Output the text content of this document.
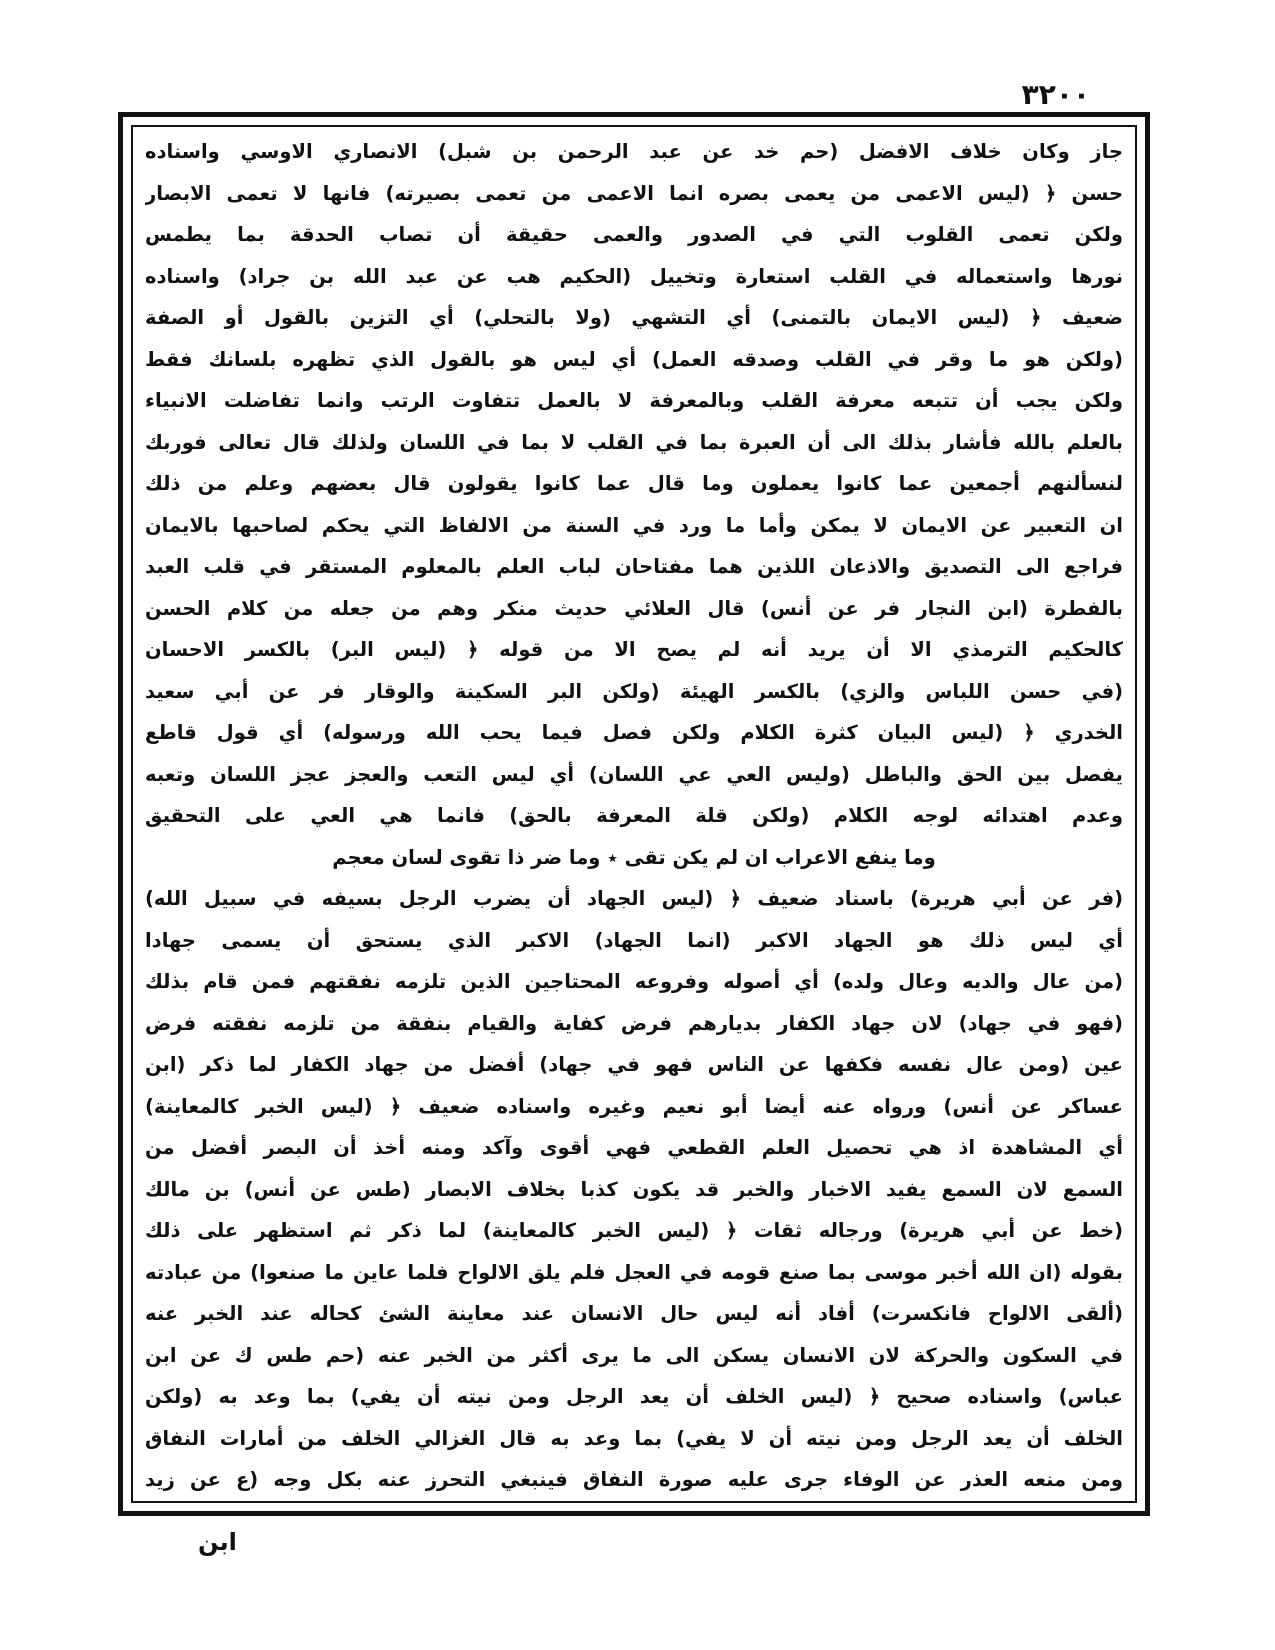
٣٢٠٠
جاز وكان خلاف الافضل (حم خد عن عبد الرحمن بن شبل) الانصاري الاوسي واسناده
حسن ﴿ (ليس الاعمى من يعمى بصره انما الاعمى من تعمى بصيرته) فانها لا تعمى الابصار
ولكن تعمى القلوب التي في الصدور والعمى حقيقة أن تصاب الحدقة بما يطمس
نورها واستعماله في القلب استعارة وتخييل (الحكيم هب عن عبد الله بن جراد) واسناده
ضعيف ﴿ (ليس الايمان بالتمنى) أي التشهي (ولا بالتحلي) أي التزين بالقول أو الصفة
(ولكن هو ما وقر في القلب وصدقه العمل) أي ليس هو بالقول الذي تظهره بلسانك فقط
ولكن يجب أن تتبعه معرفة القلب وبالمعرفة لا بالعمل تتفاوت الرتب وانما تفاضلت الانبياء
بالعلم بالله فأشار بذلك الى أن العبرة بما في القلب لا بما في اللسان ولذلك قال تعالى فوربك
لنسألنهم أجمعين عما كانوا يعملون وما قال عما كانوا يقولون قال بعضهم وعلم من ذلك
ان التعبير عن الايمان لا يمكن وأما ما ورد في السنة من الالفاظ التي يحكم لصاحبها بالايمان
فراجع الى التصديق والاذعان اللذين هما مفتاحان لباب العلم بالمعلوم المستقر في قلب العبد
بالفطرة (ابن النجار فر عن أنس) قال العلائي حديث منكر وهم من جعله من كلام الحسن
كالحكيم الترمذي الا أن يريد أنه لم يصح الا من قوله ﴿ (ليس البر) بالكسر الاحسان
(في حسن اللباس والزي) بالكسر الهيئة (ولكن البر السكينة والوقار فر عن أبي سعيد
الخدري ﴿ (ليس البيان كثرة الكلام ولكن فصل فيما يحب الله ورسوله) أي قول قاطع
يفصل بين الحق والباطل (وليس العي عي اللسان) أي ليس التعب والعجز عجز اللسان وتعبه
وعدم اهتدائه لوجه الكلام (ولكن قلة المعرفة بالحق) فانما هي العي على التحقيق
وما ينفع الاعراب ان لم يكن تقى ٭ وما ضر ذا تقوى لسان معجم
(فر عن أبي هريرة) باسناد ضعيف ﴿ (ليس الجهاد أن يضرب الرجل بسيفه في سبيل الله)
أي ليس ذلك هو الجهاد الاكبر (انما الجهاد) الاكبر الذي يستحق أن يسمى جهادا
(من عال والديه وعال ولده) أي أصوله وفروعه المحتاجين الذين تلزمه نفقتهم فمن قام بذلك
(فهو في جهاد) لان جهاد الكفار بديارهم فرض كفاية والقيام بنفقة من تلزمه نفقته فرض
عين (ومن عال نفسه فكفها عن الناس فهو في جهاد) أفضل من جهاد الكفار لما ذكر (ابن
عساكر عن أنس) ورواه عنه أيضا أبو نعيم وغيره واسناده ضعيف ﴿ (ليس الخبر كالمعاينة)
أي المشاهدة اذ هي تحصيل العلم القطعي فهي أقوى وآكد ومنه أخذ أن البصر أفضل من
السمع لان السمع يفيد الاخبار والخبر قد يكون كذبا بخلاف الابصار (طس عن أنس) بن مالك
(خط عن أبي هريرة) ورجاله ثقات ﴿ (ليس الخبر كالمعاينة) لما ذكر ثم استظهر على ذلك
بقوله (ان الله أخبر موسى بما صنع قومه في العجل فلم يلق الالواح فلما عاين ما صنعوا) من عبادته
(ألقى الالواح فانكسرت) أفاد أنه ليس حال الانسان عند معاينة الشئ كحاله عند الخبر عنه
في السكون والحركة لان الانسان يسكن الى ما يرى أكثر من الخبر عنه (حم طس ك عن ابن
عباس) واسناده صحيح ﴿ (ليس الخلف أن يعد الرجل ومن نيته أن يفي) بما وعد به (ولكن
الخلف أن يعد الرجل ومن نيته أن لا يفي) بما وعد به قال الغزالي الخلف من أمارات النفاق
ومن منعه العذر عن الوفاء جرى عليه صورة النفاق فينبغي التحرز عنه بكل وجه (ع عن زيد
ابن
